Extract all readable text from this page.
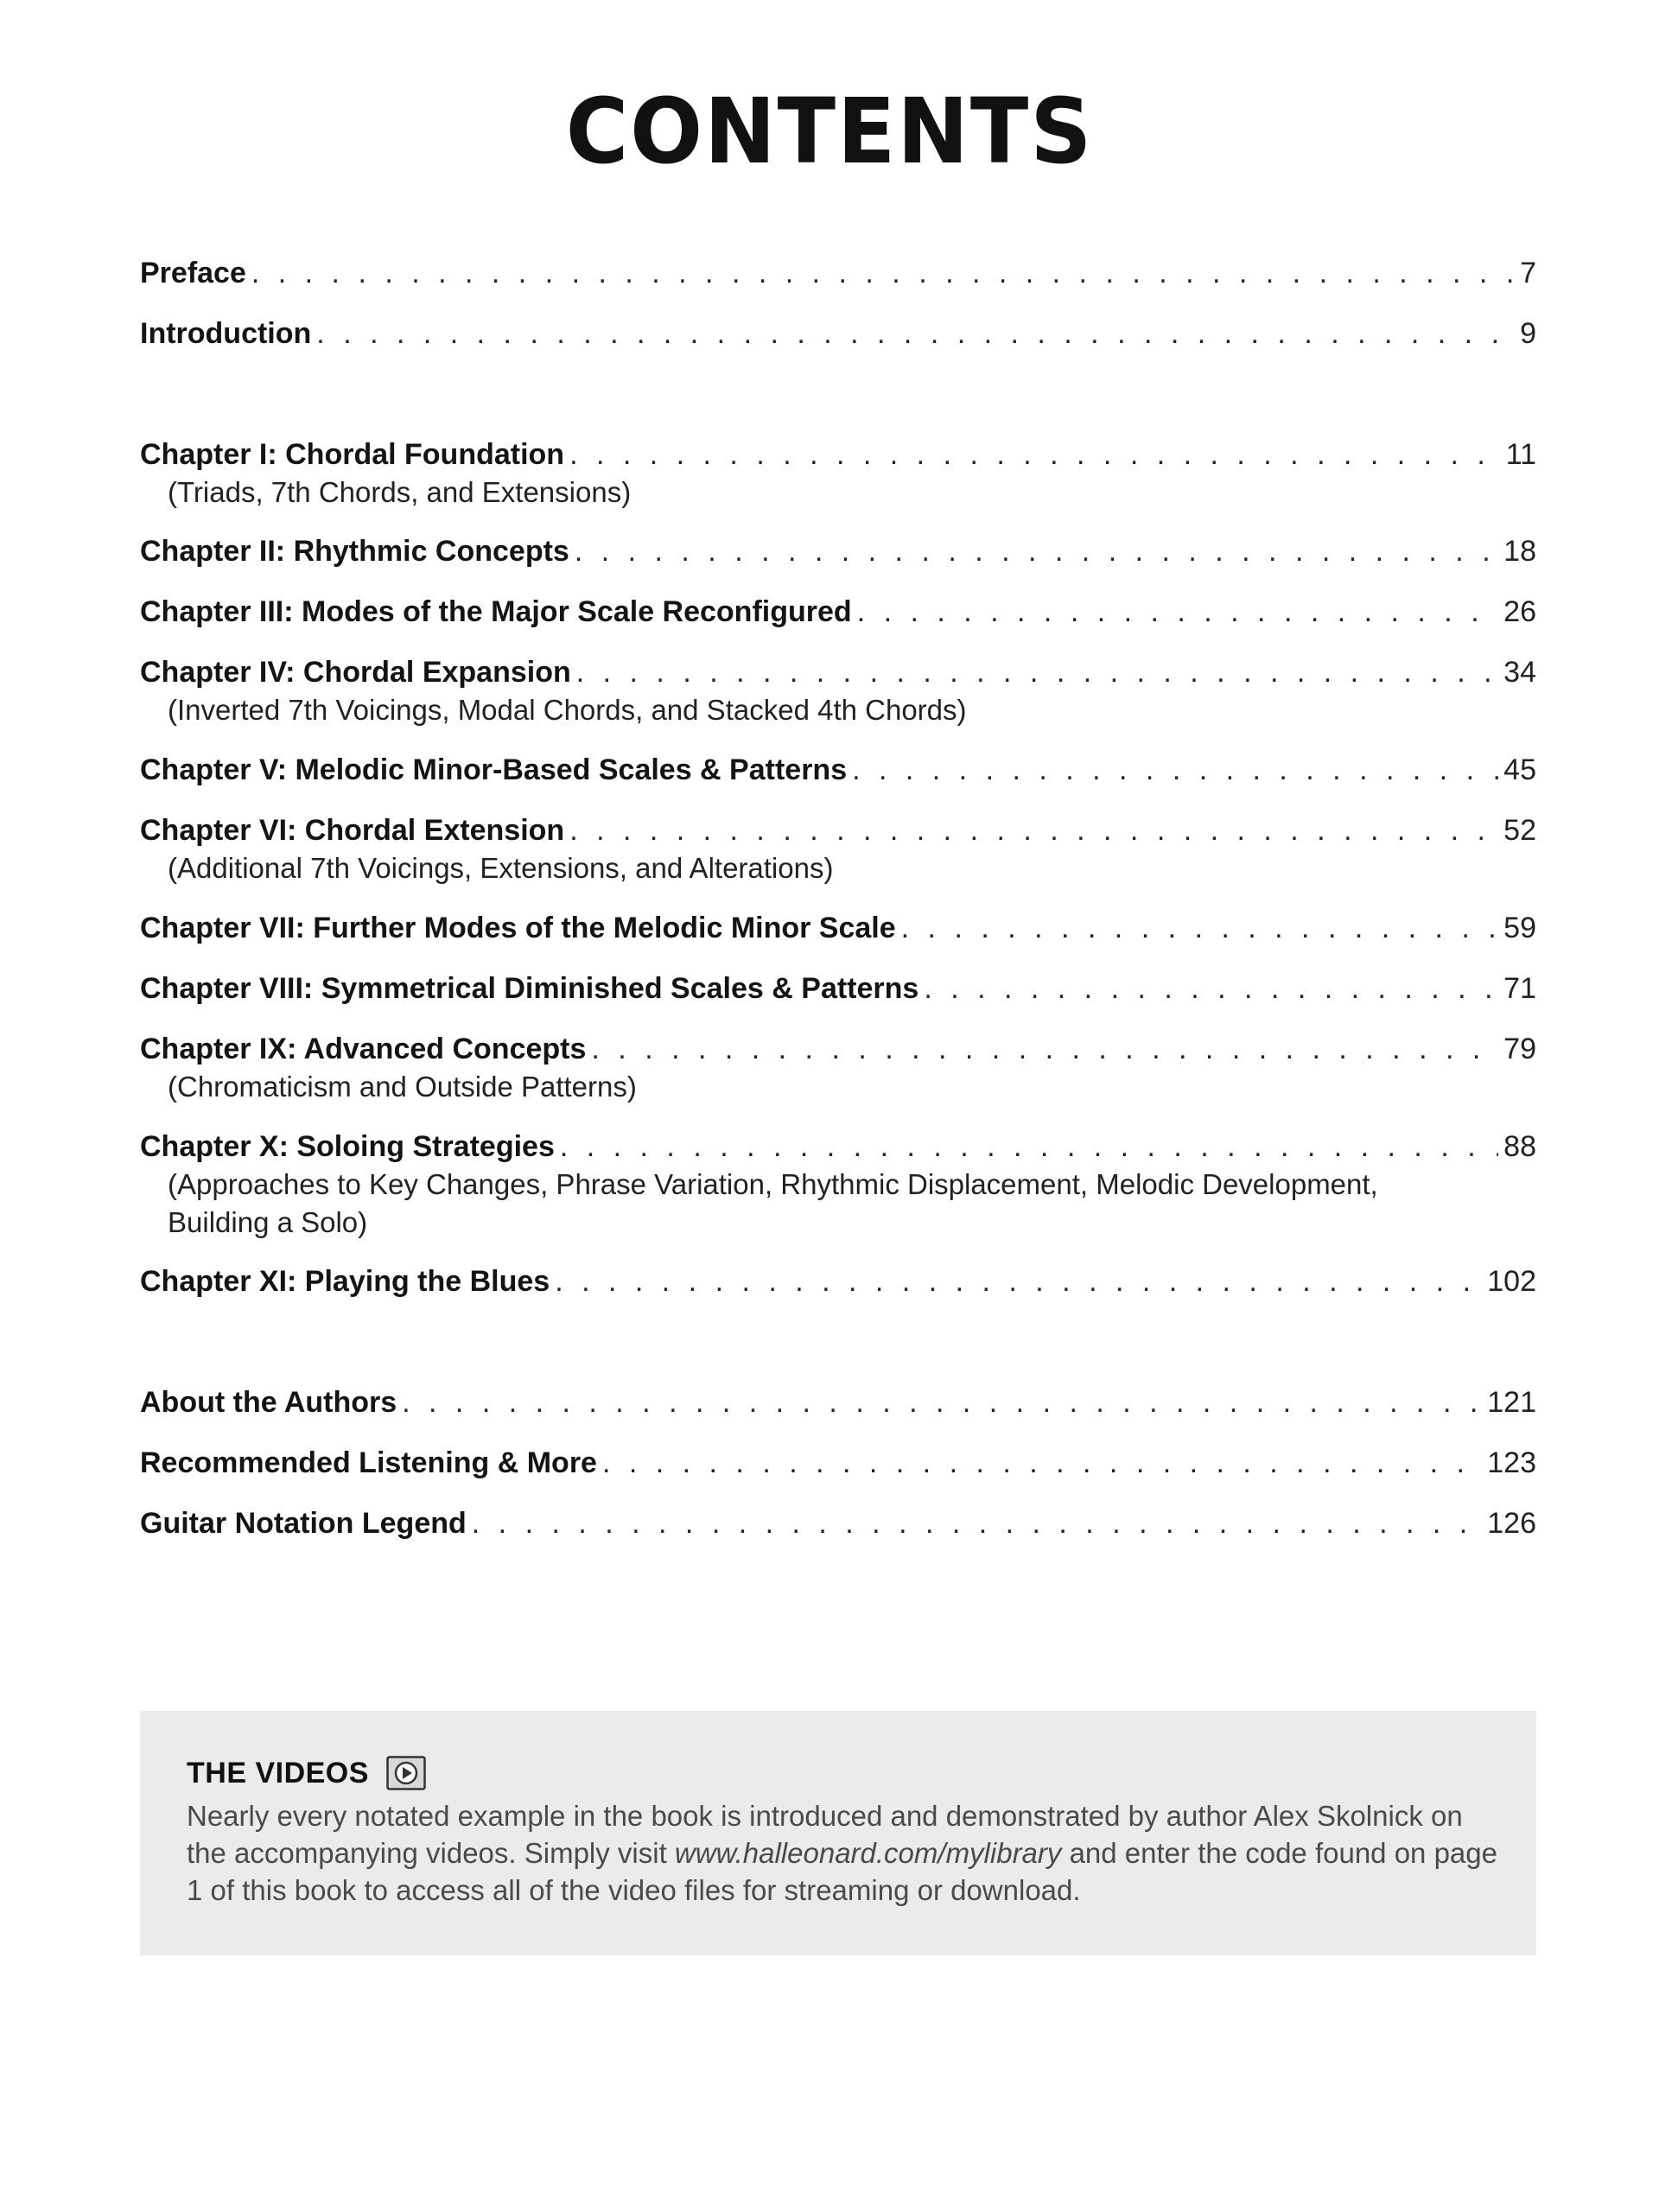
CONTENTS
Preface . . .	7
Introduction . . .	9
Chapter I: Chordal Foundation . . .	11
(Triads, 7th Chords, and Extensions)
Chapter II: Rhythmic Concepts . . .	18
Chapter III: Modes of the Major Scale Reconfigured . . .	26
Chapter IV: Chordal Expansion . . .	34
(Inverted 7th Voicings, Modal Chords, and Stacked 4th Chords)
Chapter V: Melodic Minor-Based Scales & Patterns . . .	45
Chapter VI: Chordal Extension . . .	52
(Additional 7th Voicings, Extensions, and Alterations)
Chapter VII: Further Modes of the Melodic Minor Scale . . .	59
Chapter VIII: Symmetrical Diminished Scales & Patterns . . .	71
Chapter IX: Advanced Concepts . . .	79
(Chromaticism and Outside Patterns)
Chapter X: Soloing Strategies . . .	88
(Approaches to Key Changes, Phrase Variation, Rhythmic Displacement, Melodic Development,
Building a Solo)
Chapter XI: Playing the Blues . . .	102
About the Authors . . .	121
Recommended Listening & More . . .	123
Guitar Notation Legend . . .	126
THE VIDEOS
Nearly every notated example in the book is introduced and demonstrated by author Alex Skolnick on the accompanying videos. Simply visit www.halleonard.com/mylibrary and enter the code found on page 1 of this book to access all of the video files for streaming or download.
